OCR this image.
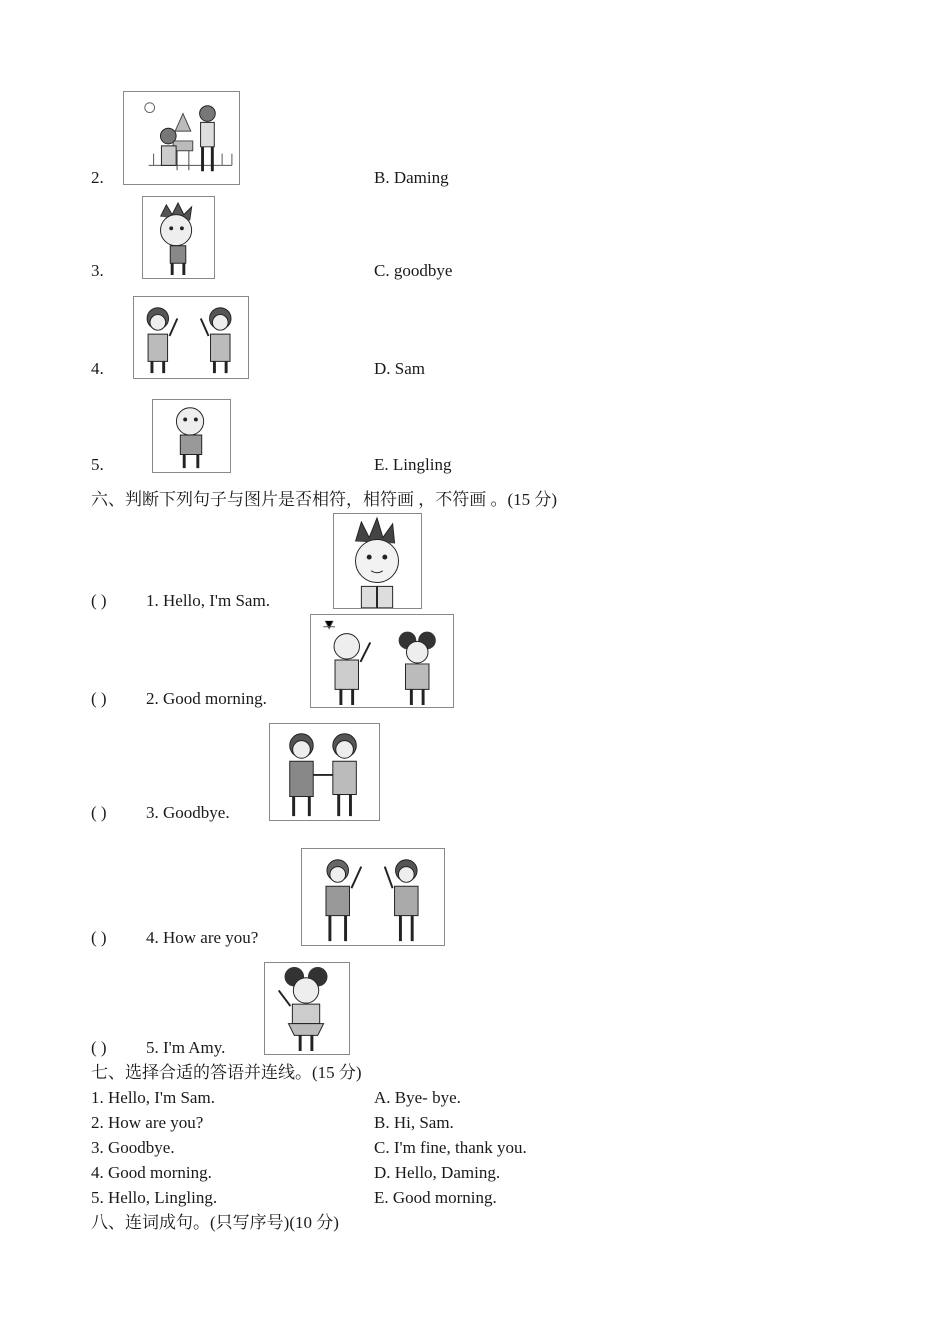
2.	B. Daming
3.	C. goodbye
4.	D. Sam
5.	E. Lingling
六、判断下列句子与图片是否相符，相符画 ，不符画 。(15 分)
( ) 1. Hello, I'm Sam.
( ) 2. Good morning.
( ) 3. Goodbye.
( ) 4. How are you?
( ) 5. I'm Amy.
七、选择合适的答语并连线。(15 分)
1. Hello, I'm Sam.	A. Bye- bye.
2. How are you?	B. Hi, Sam.
3. Goodbye.	C. I'm fine, thank you.
4. Good morning.	D. Hello, Daming.
5. Hello, Lingling.	E. Good morning.
八、连词成句。(只写序号)(10 分)
